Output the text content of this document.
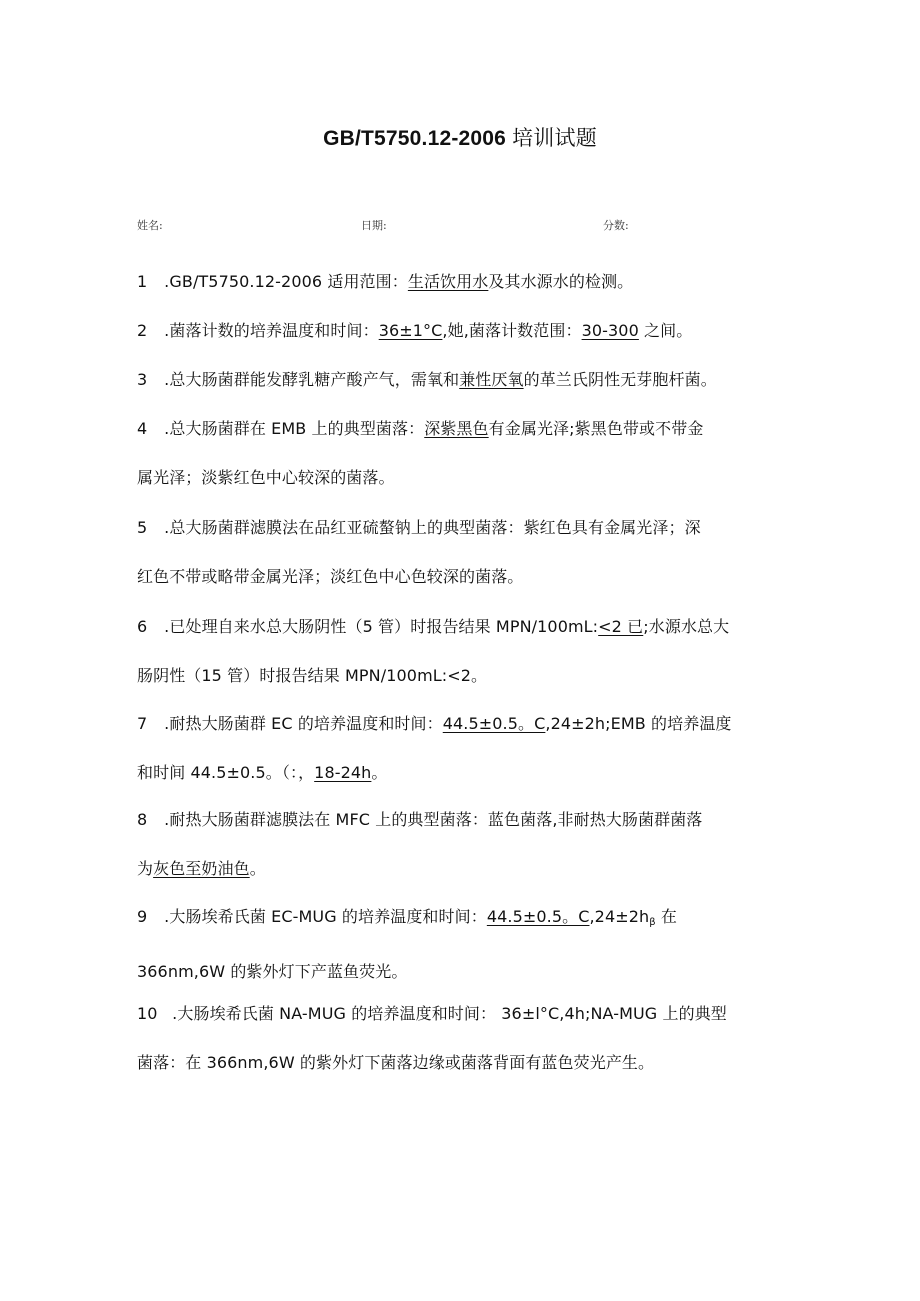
GB/T5750.12-2006 培训试题
姓名:	日期:	分数:
1 .GB/T5750.12-2006 适用范围：生活饮用水及其水源水的检测。
2 .菌落计数的培养温度和时间：36±1°C,她,菌落计数范围：30-300 之间。
3 .总大肠菌群能发酵乳糖产酸产气，需氧和兼性厌氧的革兰氏阴性无芽胞杆菌。
4 .总大肠菌群在 EMB 上的典型菌落：深紫黑色有金属光泽;紫黑色带或不带金
属光泽；淡紫红色中心较深的菌落。
5 .总大肠菌群滤膜法在品红亚硫螯钠上的典型菌落：紫红色具有金属光泽；深
红色不带或略带金属光泽；淡红色中心色较深的菌落。
6 .已处理自来水总大肠阴性（5 管）时报告结果 MPN∕100mL:<2 已;水源水总大
肠阴性（15 管）时报告结果 MPN∕100mL:<2。
7 .耐热大肠菌群 EC 的培养温度和时间：44.5±0.5。C,24±2h;EMB 的培养温度
和时间 44.5±0.5。（：，18-24h。
8 .耐热大肠菌群滤膜法在 MFC 上的典型菌落：蓝色菌落,非耐热大肠菌群菌落
为灰色至奶油色。
9 .大肠埃希氏菌 EC-MUG 的培养温度和时间：44.5±0.5。$C,24\pm 2h_\beta$ 在
366nm,6W 的紫外灯下产蓝鱼荧光。
10 .大肠埃希氏菌 NA-MUG 的培养温度和时间： 36±l°C,4h;NA-MUG 上的典型
菌落：在 366nm,6W 的紫外灯下菌落边缘或菌落背面有蓝色荧光产生。
